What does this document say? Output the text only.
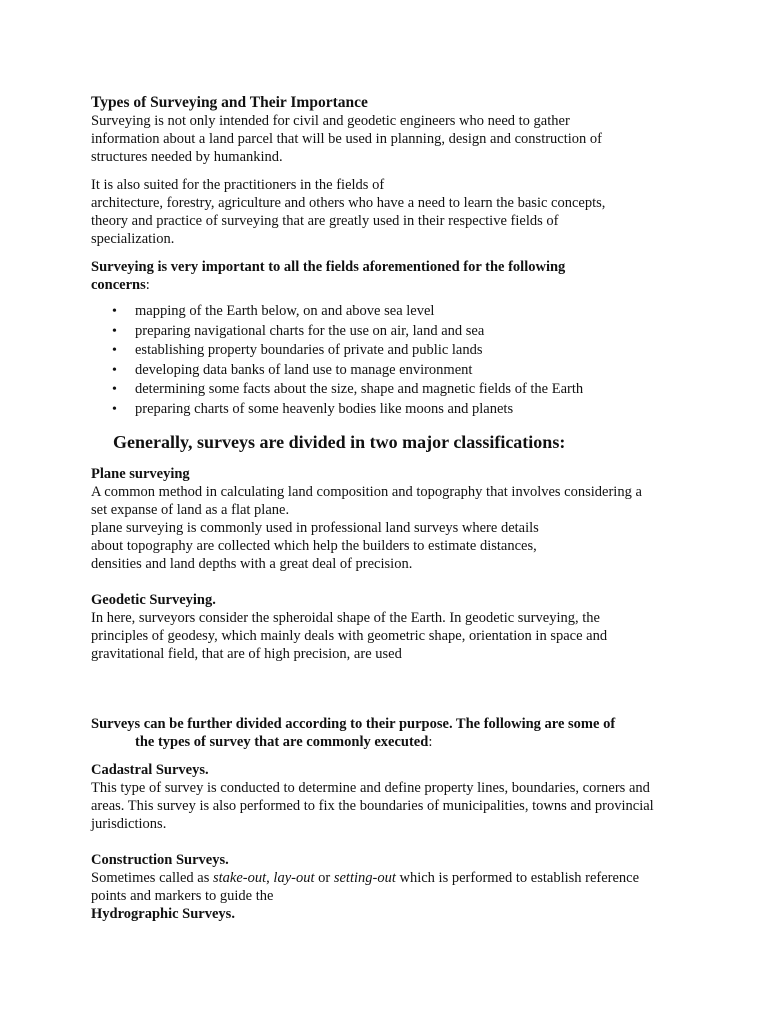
Types of Surveying and Their Importance

Surveying is not only intended for civil and geodetic engineers who need to gather

information about a land parcel that will be used in planning, design and construction of

structures needed by humankind.

It is also suited for the practitioners in the fields of

architecture, forestry, agriculture and others who have a need to learn the basic concepts,

theory and practice of surveying that are greatly used in their respective fields of

specialization.

Surveying is very important to all the fields aforementioned for the following

concerns:

• mapping of the Earth below, on and above sea level
• preparing navigational charts for the use on air, land and sea
• establishing property boundaries of private and public lands
• developing data banks of land use to manage environment
• determining some facts about the size, shape and magnetic fields of the Earth
• preparing charts of some heavenly bodies like moons and planets

Generally, surveys are divided in two major classifications:

Plane surveying

A common method in calculating land composition and topography that involves considering a

set expanse of land as a flat plane.

plane surveying is commonly used in professional land surveys where details

about topography are collected which help the builders to estimate distances,

densities and land depths with a great deal of precision.

Geodetic Surveying.

In here, surveyors consider the spheroidal shape of the Earth. In geodetic surveying, the

principles of geodesy, which mainly deals with geometric shape, orientation in space and

gravitational field, that are of high precision, are used

Surveys can be further divided according to their purpose. The following are some of

the types of survey that are commonly executed:

Cadastral Surveys.

This type of survey is conducted to determine and define property lines, boundaries, corners and

areas. This survey is also performed to fix the boundaries of municipalities, towns and provincial

jurisdictions.

Construction Surveys.

Sometimes called as stake-out, lay-out or setting-out which is performed to establish reference

points and markers to guide the

Hydrographic Surveys.
